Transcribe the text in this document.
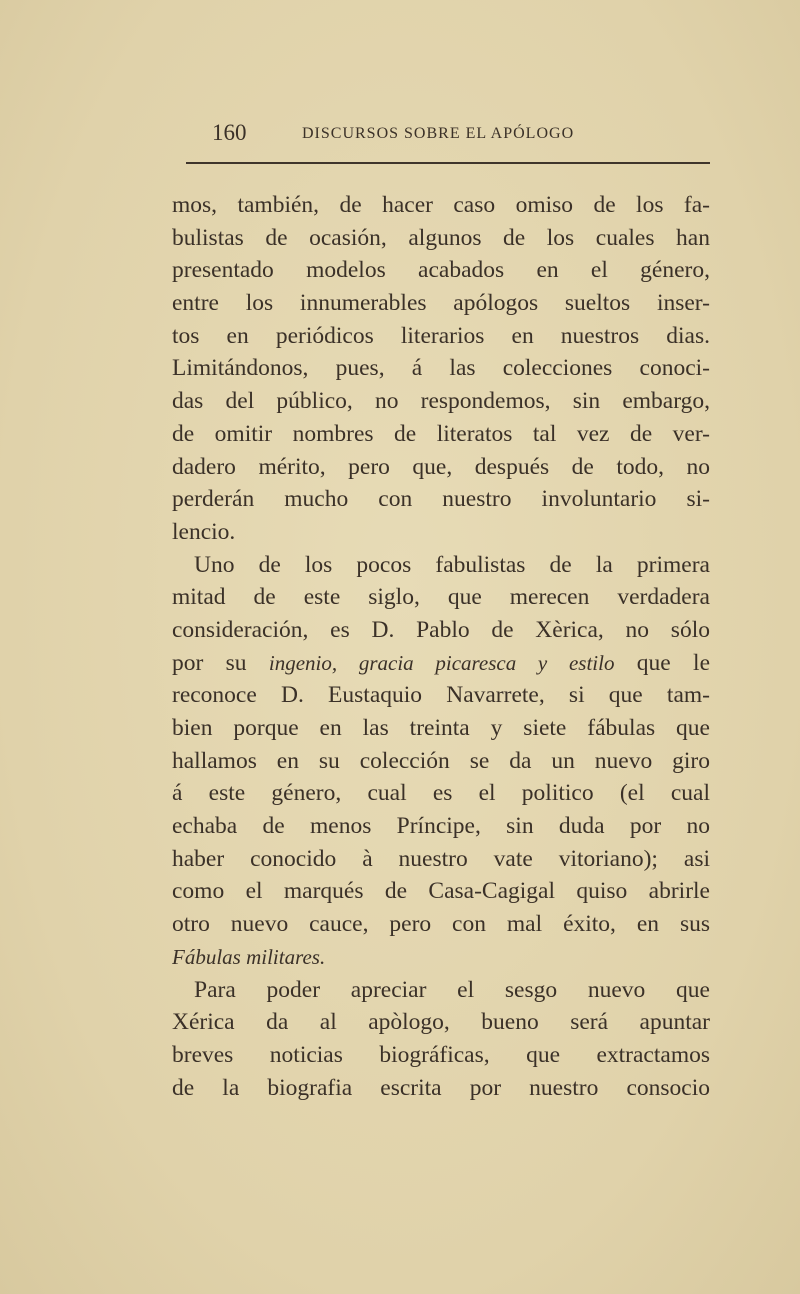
160	DISCURSOS SOBRE EL APÓLOGO
mos, también, de hacer caso omiso de los fa-
bulistas de ocasión, algunos de los cuales han
presentado modelos acabados en el género,
entre los innumerables apólogos sueltos inser-
tos en periódicos literarios en nuestros dias.
Limitándonos, pues, á las colecciones conoci-
das del público, no respondemos, sin embargo,
de omitir nombres de literatos tal vez de ver-
dadero mérito, pero que, después de todo, no
perderán mucho con nuestro involuntario si-
lencio.
Uno de los pocos fabulistas de la primera
mitad de este siglo, que merecen verdadera
consideración, es D. Pablo de Xèrica, no sólo
por su ingenio, gracia picaresca y estilo que le
reconoce D. Eustaquio Navarrete, si que tam-
bien porque en las treinta y siete fábulas que
hallamos en su colección se da un nuevo giro
á este género, cual es el politico (el cual
echaba de menos Príncipe, sin duda por no
haber conocido à nuestro vate vitoriano); asi
como el marqués de Casa-Cagigal quiso abrirle
otro nuevo cauce, pero con mal éxito, en sus
Fábulas militares.
Para poder apreciar el sesgo nuevo que
Xérica da al apòlogo, bueno será apuntar
breves noticias biográficas, que extractamos
de la biografia escrita por nuestro consocio
